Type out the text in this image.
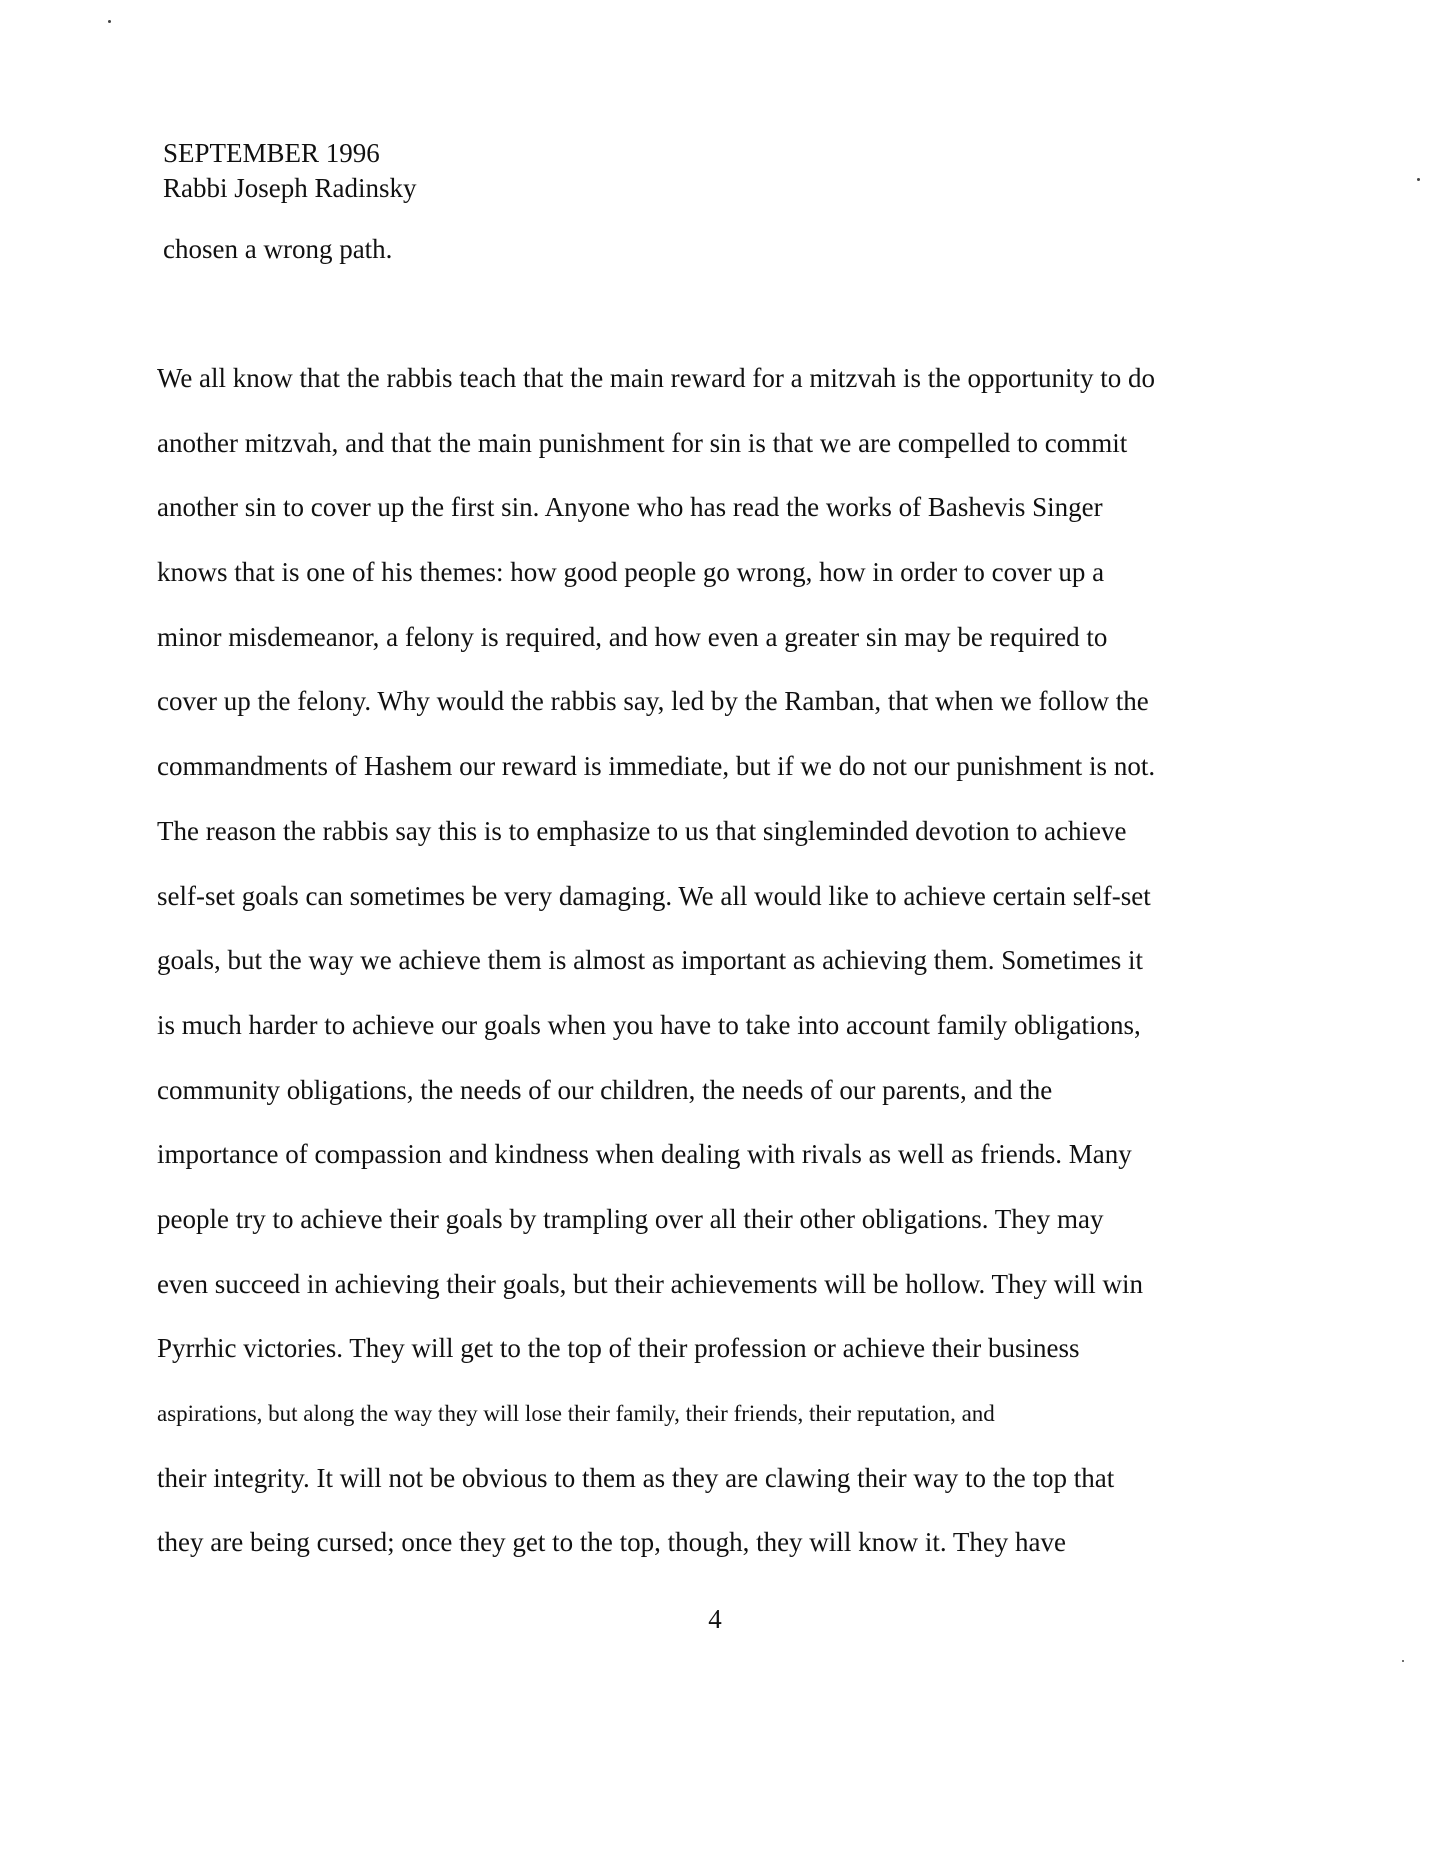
SEPTEMBER 1996
Rabbi Joseph Radinsky
chosen a wrong path.
We all know that the rabbis teach that the main reward for a mitzvah is the opportunity to do
another mitzvah, and that the main punishment for sin is that we are compelled to commit
another sin to cover up the first sin. Anyone who has read the works of Bashevis Singer
knows that is one of his themes: how good people go wrong, how in order to cover up a
minor misdemeanor, a felony is required, and how even a greater sin may be required to
cover up the felony. Why would the rabbis say, led by the Ramban, that when we follow the
commandments of Hashem our reward is immediate, but if we do not our punishment is not.
The reason the rabbis say this is to emphasize to us that singleminded devotion to achieve
self-set goals can sometimes be very damaging. We all would like to achieve certain self-set
goals, but the way we achieve them is almost as important as achieving them. Sometimes it
is much harder to achieve our goals when you have to take into account family obligations,
community obligations, the needs of our children, the needs of our parents, and the
importance of compassion and kindness when dealing with rivals as well as friends. Many
people try to achieve their goals by trampling over all their other obligations. They may
even succeed in achieving their goals, but their achievements will be hollow. They will win
Pyrrhic victories. They will get to the top of their profession or achieve their business
aspirations, but along the way they will lose their family, their friends, their reputation, and
their integrity. It will not be obvious to them as they are clawing their way to the top that
they are being cursed; once they get to the top, though, they will know it. They have
4
